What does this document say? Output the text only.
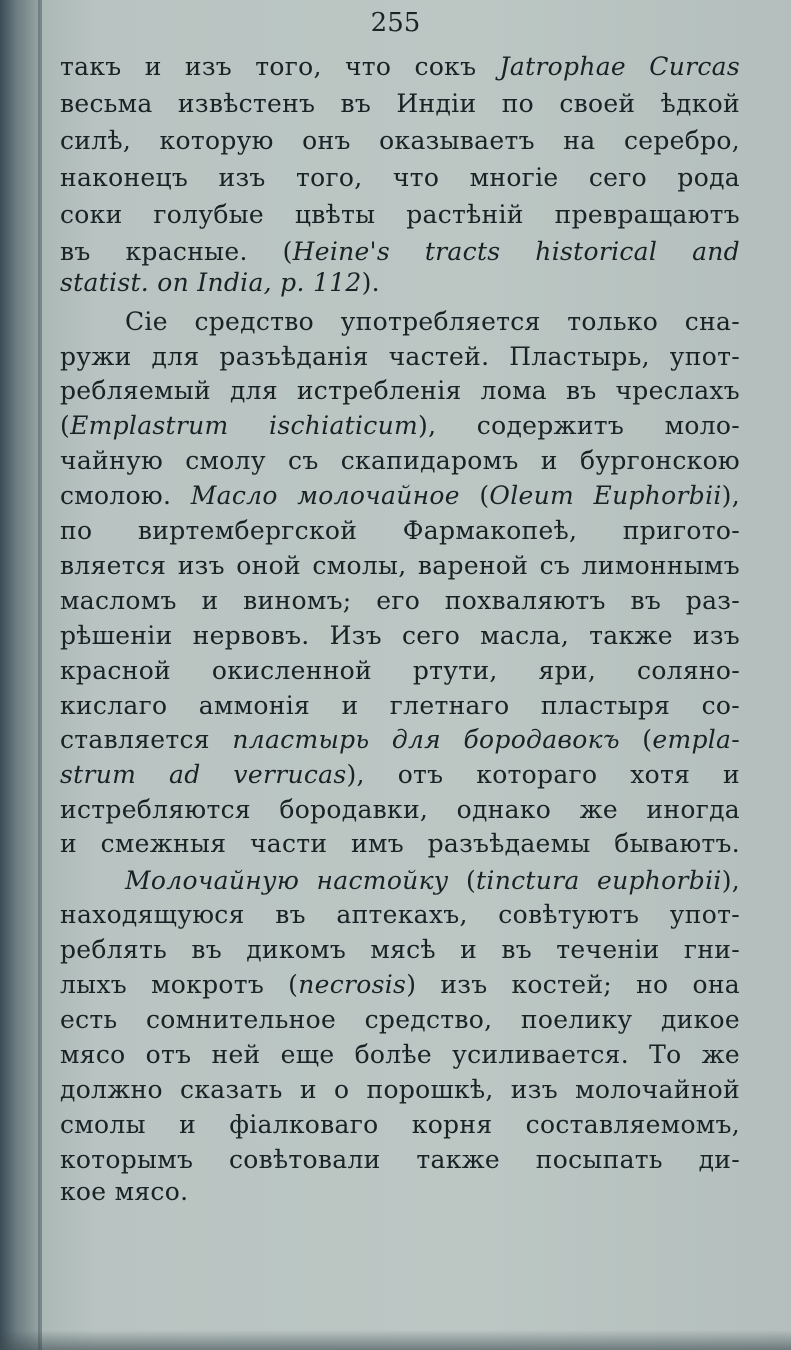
255
такъ и изъ того, что сокъ Jatrophae Curcas
весьма извѣстенъ въ Индіи по своей ѣдкой
силѣ, которую онъ оказываетъ на серебро,
наконецъ изъ того, что многіе сего рода
соки голубые цвѣты растѣній превращаютъ
въ красные. (Heine's tracts historical and
statist. on India, p. 112).
Сіе средство употребляется только сна-
ружи для разъѣданія частей. Пластырь, упот-
ребляемый для истребленія лома въ чреслахъ
(Emplastrum ischiaticum), содержитъ моло-
чайную смолу съ скапидаромъ и бургонскою
смолою. Масло молочайное (Oleum Euphorbii),
по виртембергской Фармакопеѣ, пригото-
вляется изъ оной смолы, вареной съ лимоннымъ
масломъ и виномъ; его похваляютъ въ раз-
рѣшеніи нервовъ. Изъ сего масла, также изъ
красной окисленной ртути, яри, соляно-
кислаго аммонія и глетнаго пластыря со-
ставляется пластырь для бородавокъ (empla-
strum ad verrucas), отъ котораго хотя и
истребляются бородавки, однако же иногда
и смежныя части имъ разъѣдаемы бываютъ.
Молочайную настойку (tinctura euphorbii),
находящуюся въ аптекахъ, совѣтуютъ упот-
реблять въ дикомъ мясѣ и въ теченіи гни-
лыхъ мокротъ (necrosis) изъ костей; но она
есть сомнительное средство, поелику дикое
мясо отъ ней еще болѣе усиливается. То же
должно сказать и о порошкѣ, изъ молочайной
смолы и фіалковаго корня составляемомъ,
которымъ совѣтовали также посыпать ди-
кое мясо.
